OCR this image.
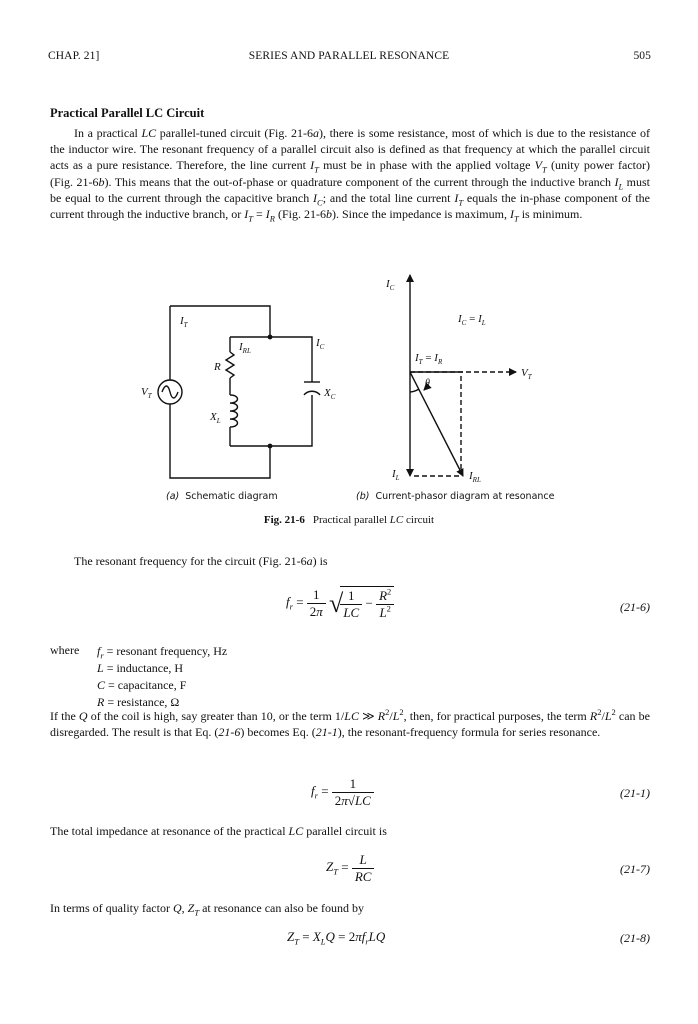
CHAP. 21]	SERIES AND PARALLEL RESONANCE	505
Practical Parallel LC Circuit

In a practical LC parallel-tuned circuit (Fig. 21-6a), there is some resistance, most of which is due to the resistance of the inductor wire. The resonant frequency of a parallel circuit also is defined as that frequency at which the parallel circuit acts as a pure resistance. Therefore, the line current $I_T$ must be in phase with the applied voltage $V_T$ (unity power factor) (Fig. 21-6b). This means that the out-of-phase or quadrature component of the current through the inductive branch $I_L$ must be equal to the current through the capacitive branch $I_C$; and the total line current $I_T$ equals the in-phase component of the current through the inductive branch, or $I_T = I_R$ (Fig. 21-6b). Since the impedance is maximum, $I_T$ is minimum.

$I_T$
$I_{RL}$
$I_C$
R
$X_L$
$X_C$
$V_T$
$I_C$
$I_C = I_L$
$I_T = I_R$
$V_T$
θ
$I_L$	$I_{RL}$
(a)  Schematic diagram	(b)  Current-phasor diagram at resonance
Fig. 21-6 Practical parallel LC circuit

The resonant frequency for the circuit (Fig. 21-6a) is

$f_r = \frac{1}{2\pi}$ √
$\frac{1}{LC} - \frac{R^2}{L^2}$	(21-6)
where $f_r$ = resonant frequency, Hz
L = inductance, H
C = capacitance, F
R = resistance, Ω

If the Q of the coil is high, say greater than 10, or the term 1/LC ≫ $R^2/L^2$, then, for practical purposes, the term $R^2/L^2$ can be disregarded. The result is that Eq. (21-6) becomes Eq. (21-1), the resonant-frequency formula for series resonance.

$f_r = \frac{1}{2\pi√LC}$	(21-1)

The total impedance at resonance of the practical LC parallel circuit is

$Z_T = \frac{L}{RC}$	(21-7)

In terms of quality factor Q, $Z_T$ at resonance can also be found by

$Z_T = X_LQ = 2\pi f_rLQ$	(21-8)
